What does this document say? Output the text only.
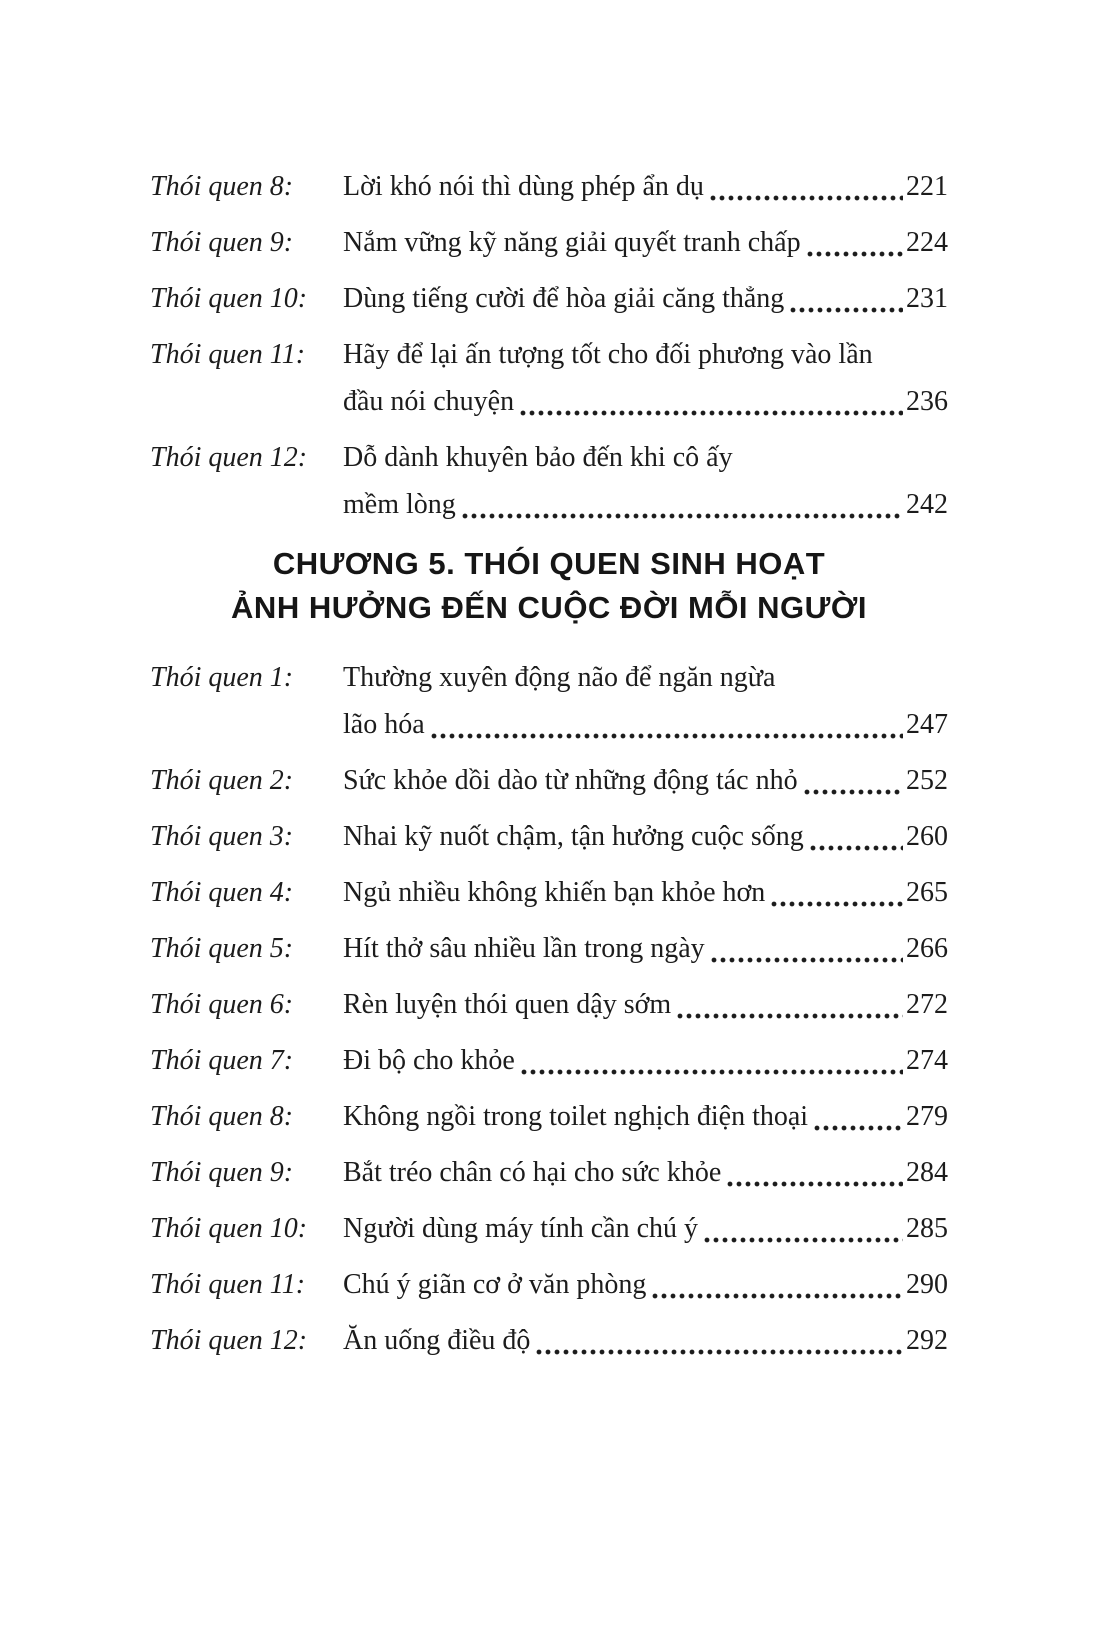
Thói quen 8:	Lời khó nói thì dùng phép ẩn dụ	221
Thói quen 9:	Nắm vững kỹ năng giải quyết tranh chấp	224
Thói quen 10:	Dùng tiếng cười để hòa giải căng thẳng	231
Thói quen 11:	Hãy để lại ấn tượng tốt cho đối phương vào lần
đầu nói chuyện	236
Thói quen 12:	Dỗ dành khuyên bảo đến khi cô ấy
mềm lòng	242
CHƯƠNG 5. THÓI QUEN SINH HOẠT
ẢNH HƯỞNG ĐẾN CUỘC ĐỜI MỖI NGƯỜI
Thói quen 1:	Thường xuyên động não để ngăn ngừa
lão hóa	247
Thói quen 2:	Sức khỏe dồi dào từ những động tác nhỏ	252
Thói quen 3:	Nhai kỹ nuốt chậm, tận hưởng cuộc sống	260
Thói quen 4:	Ngủ nhiều không khiến bạn khỏe hơn	265
Thói quen 5:	Hít thở sâu nhiều lần trong ngày	266
Thói quen 6:	Rèn luyện thói quen dậy sớm	272
Thói quen 7:	Đi bộ cho khỏe	274
Thói quen 8:	Không ngồi trong toilet nghịch điện thoại	279
Thói quen 9:	Bắt tréo chân có hại cho sức khỏe	284
Thói quen 10:	Người dùng máy tính cần chú ý	285
Thói quen 11:	Chú ý giãn cơ ở văn phòng	290
Thói quen 12:	Ăn uống điều độ	292
